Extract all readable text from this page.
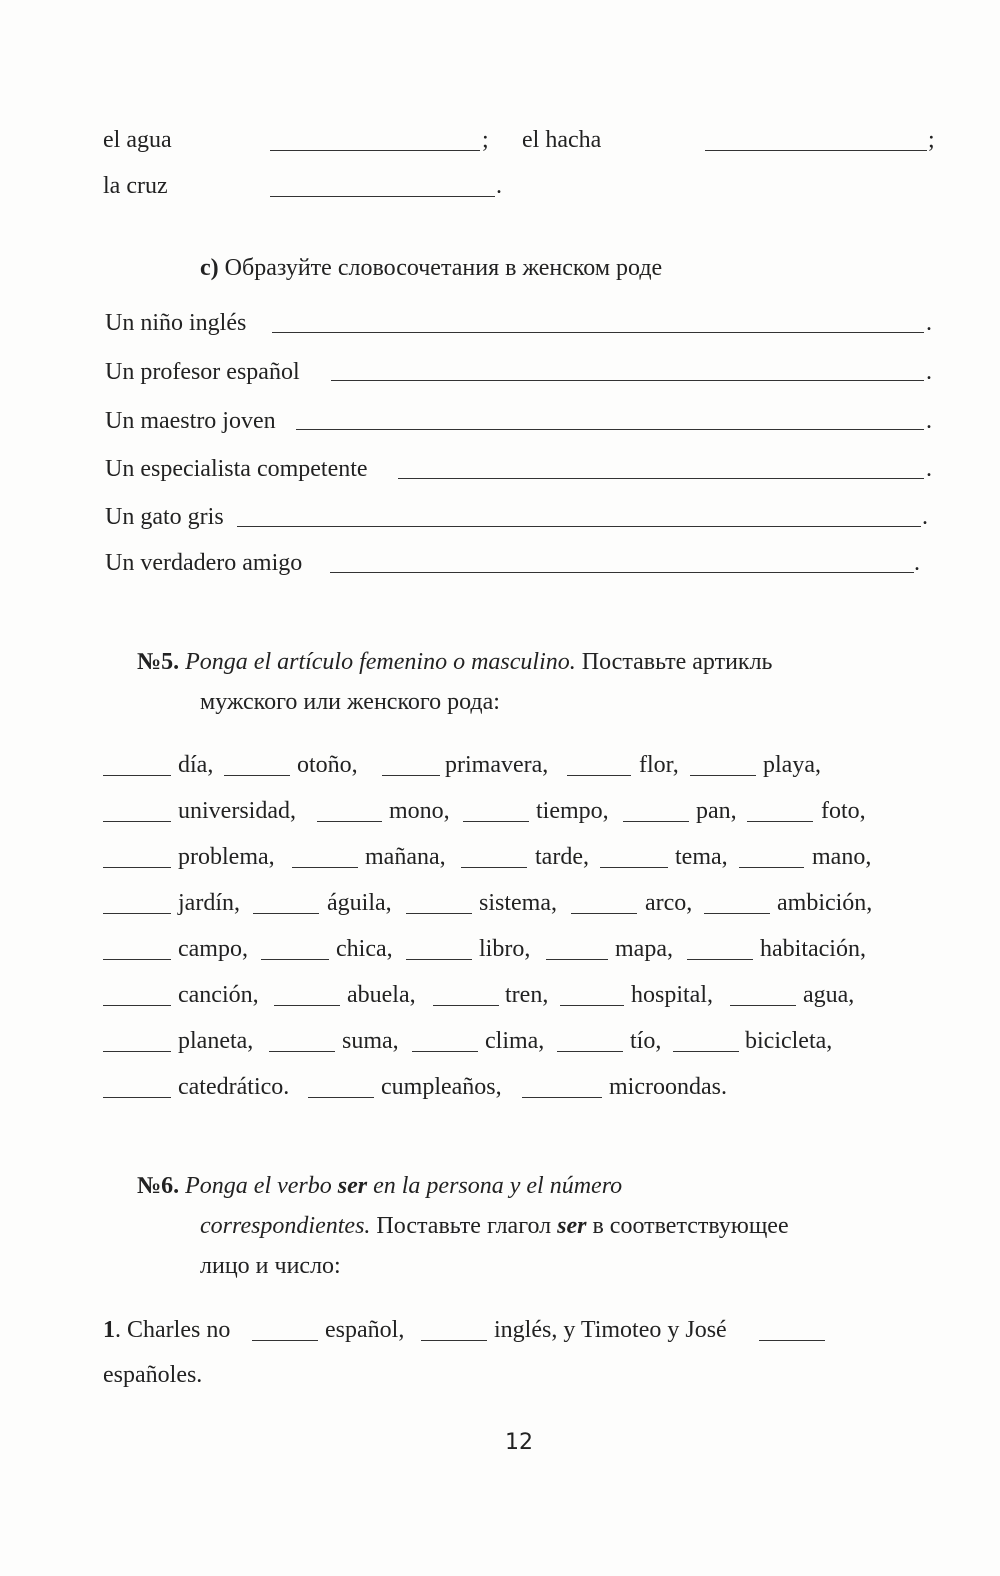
el agua	; el hacha	;
la cruz	.
c) Образуйте словосочетания в женском роде
Un niño inglés	.
Un profesor español	.
Un maestro joven	.
Un especialista competente	.
Un gato gris	.
Un verdadero amigo	.
№5. Ponga el artículo femenino o masculino. Поставьте артикль
мужского или женского рода:
día,	otoño,	primavera,	flor,	playa,
universidad,	mono,	tiempo,	pan,	foto,
problema,	mañana,	tarde,	tema,	mano,
jardín,	águila,	sistema,	arco,	ambición,
campo,	chica,	libro,	mapa,	habitación,
canción,	abuela,	tren,	hospital,	agua,
planeta,	suma,	clima,	tío,	bicicleta,
catedrático.	cumpleaños,	microondas.
№6. Ponga el verbo ser en la persona y el número
correspondientes. Поставьте глагол ser в соответствующее
лицо и число:
1 . Charles no	español,	inglés, y Timoteo y José
españoles.
12
